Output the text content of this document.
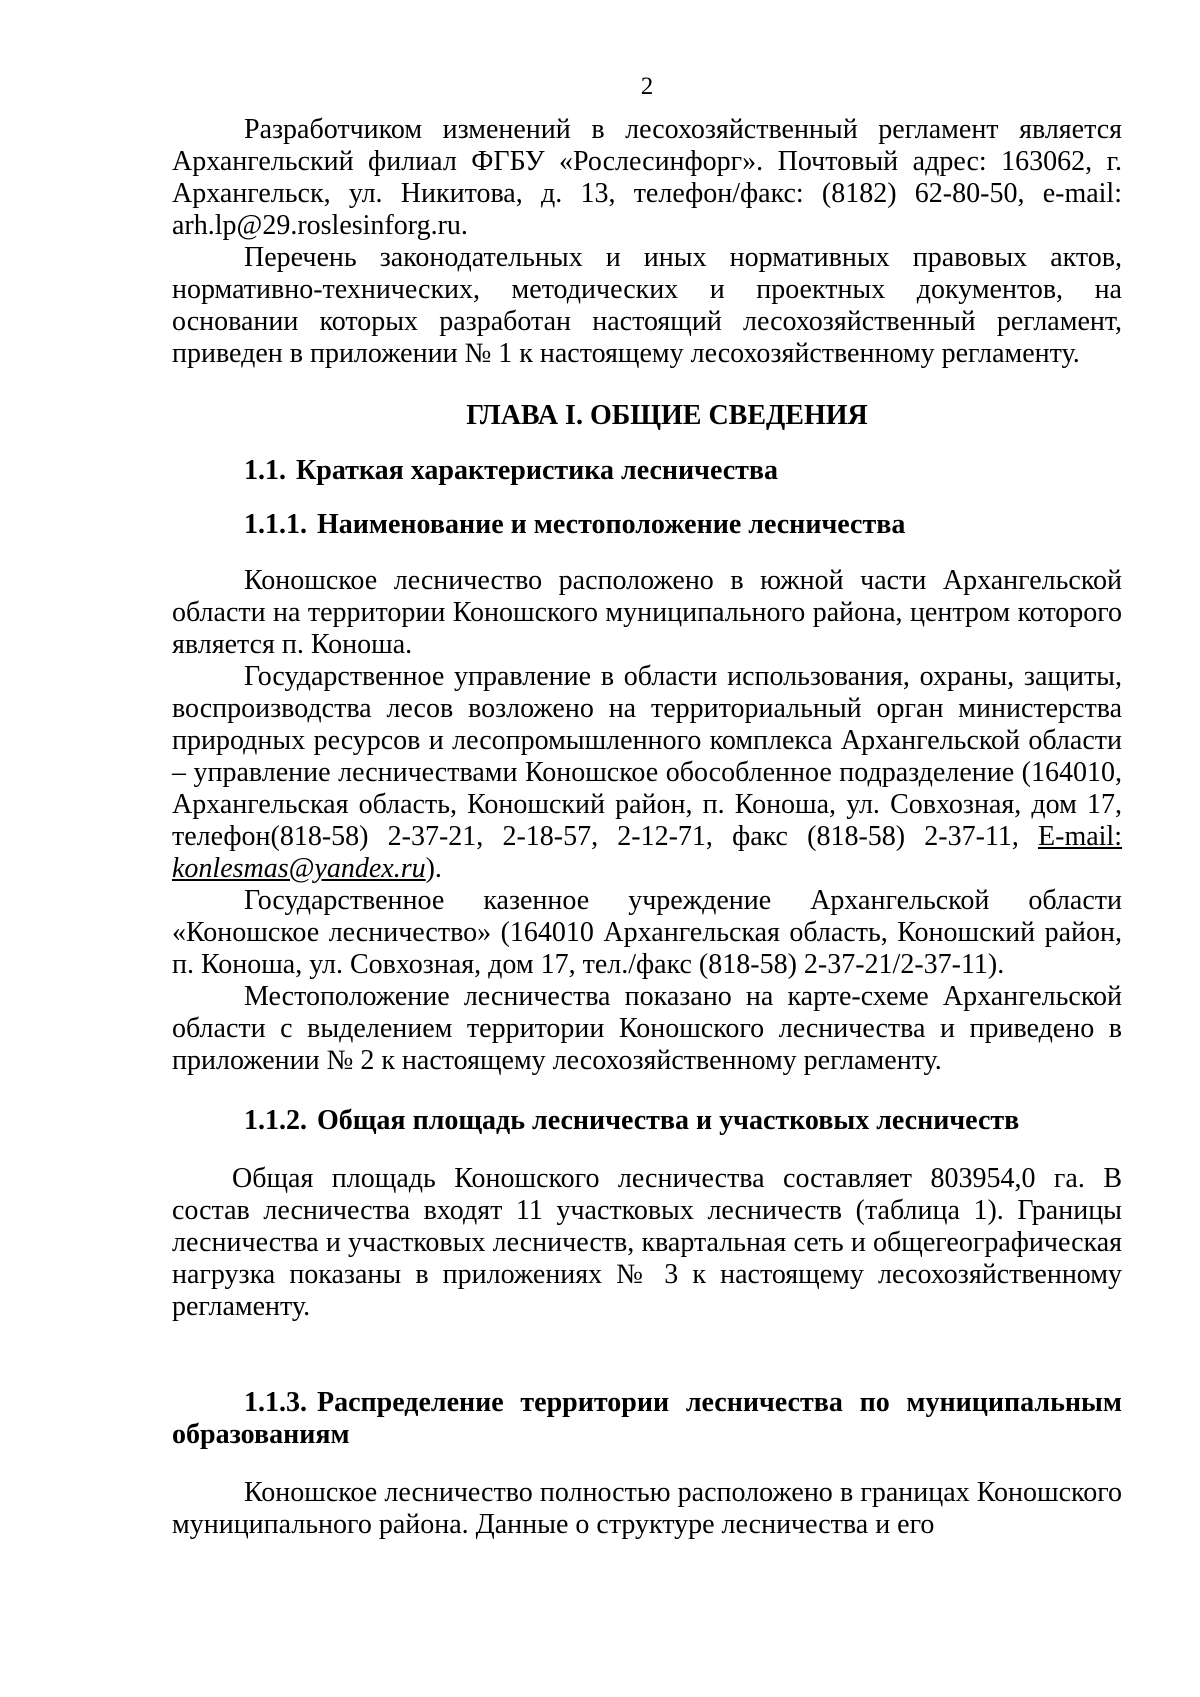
2

Разработчиком изменений в лесохозяйственный регламент является Архангельский филиал ФГБУ «Рослесинфорг». Почтовый адрес: 163062, г. Архангельск, ул. Никитова, д. 13, телефон/факс: (8182) 62-80-50, e-mail: arh.lp@29.roslesinforg.ru.

Перечень законодательных и иных нормативных правовых актов, нормативно-технических, методических и проектных документов, на основании которых разработан настоящий лесохозяйственный регламент, приведен в приложении № 1 к настоящему лесохозяйственному регламенту.

ГЛАВА I. ОБЩИЕ СВЕДЕНИЯ
1.1. Краткая характеристика лесничества
1.1.1. Наименование и местоположение лесничества

Коношское лесничество расположено в южной части Архангельской области на территории Коношского муниципального района, центром которого является п. Коноша.

Государственное управление в области использования, охраны, защиты, воспроизводства лесов возложено на территориальный орган министерства природных ресурсов и лесопромышленного комплекса Архангельской области – управление лесничествами Коношское обособленное подразделение (164010, Архангельская область, Коношский район, п. Коноша, ул. Совхозная, дом 17, телефон(818-58) 2-37-21, 2-18-57, 2-12-71, факс (818-58) 2-37-11, E-mail: konlesmas@yandex.ru).

Государственное казенное учреждение Архангельской области «Коношское лесничество» (164010 Архангельская область, Коношский район, п. Коноша, ул. Совхозная, дом 17, тел./факс (818-58) 2-37-21/2-37-11).

Местоположение лесничества показано на карте-схеме Архангельской области с выделением территории Коношского лесничества и приведено в приложении № 2 к настоящему лесохозяйственному регламенту.

1.1.2. Общая площадь лесничества и участковых лесничеств

Общая площадь Коношского лесничества составляет 803954,0 га. В состав лесничества входят 11 участковых лесничеств (таблица 1). Границы лесничества и участковых лесничеств, квартальная сеть и общегеографическая нагрузка показаны в приложениях № 3 к настоящему лесохозяйственному регламенту.

1.1.3. Распределение территории лесничества по муниципальным образованиям

Коношское лесничество полностью расположено в границах Коношского муниципального района. Данные о структуре лесничества и его
